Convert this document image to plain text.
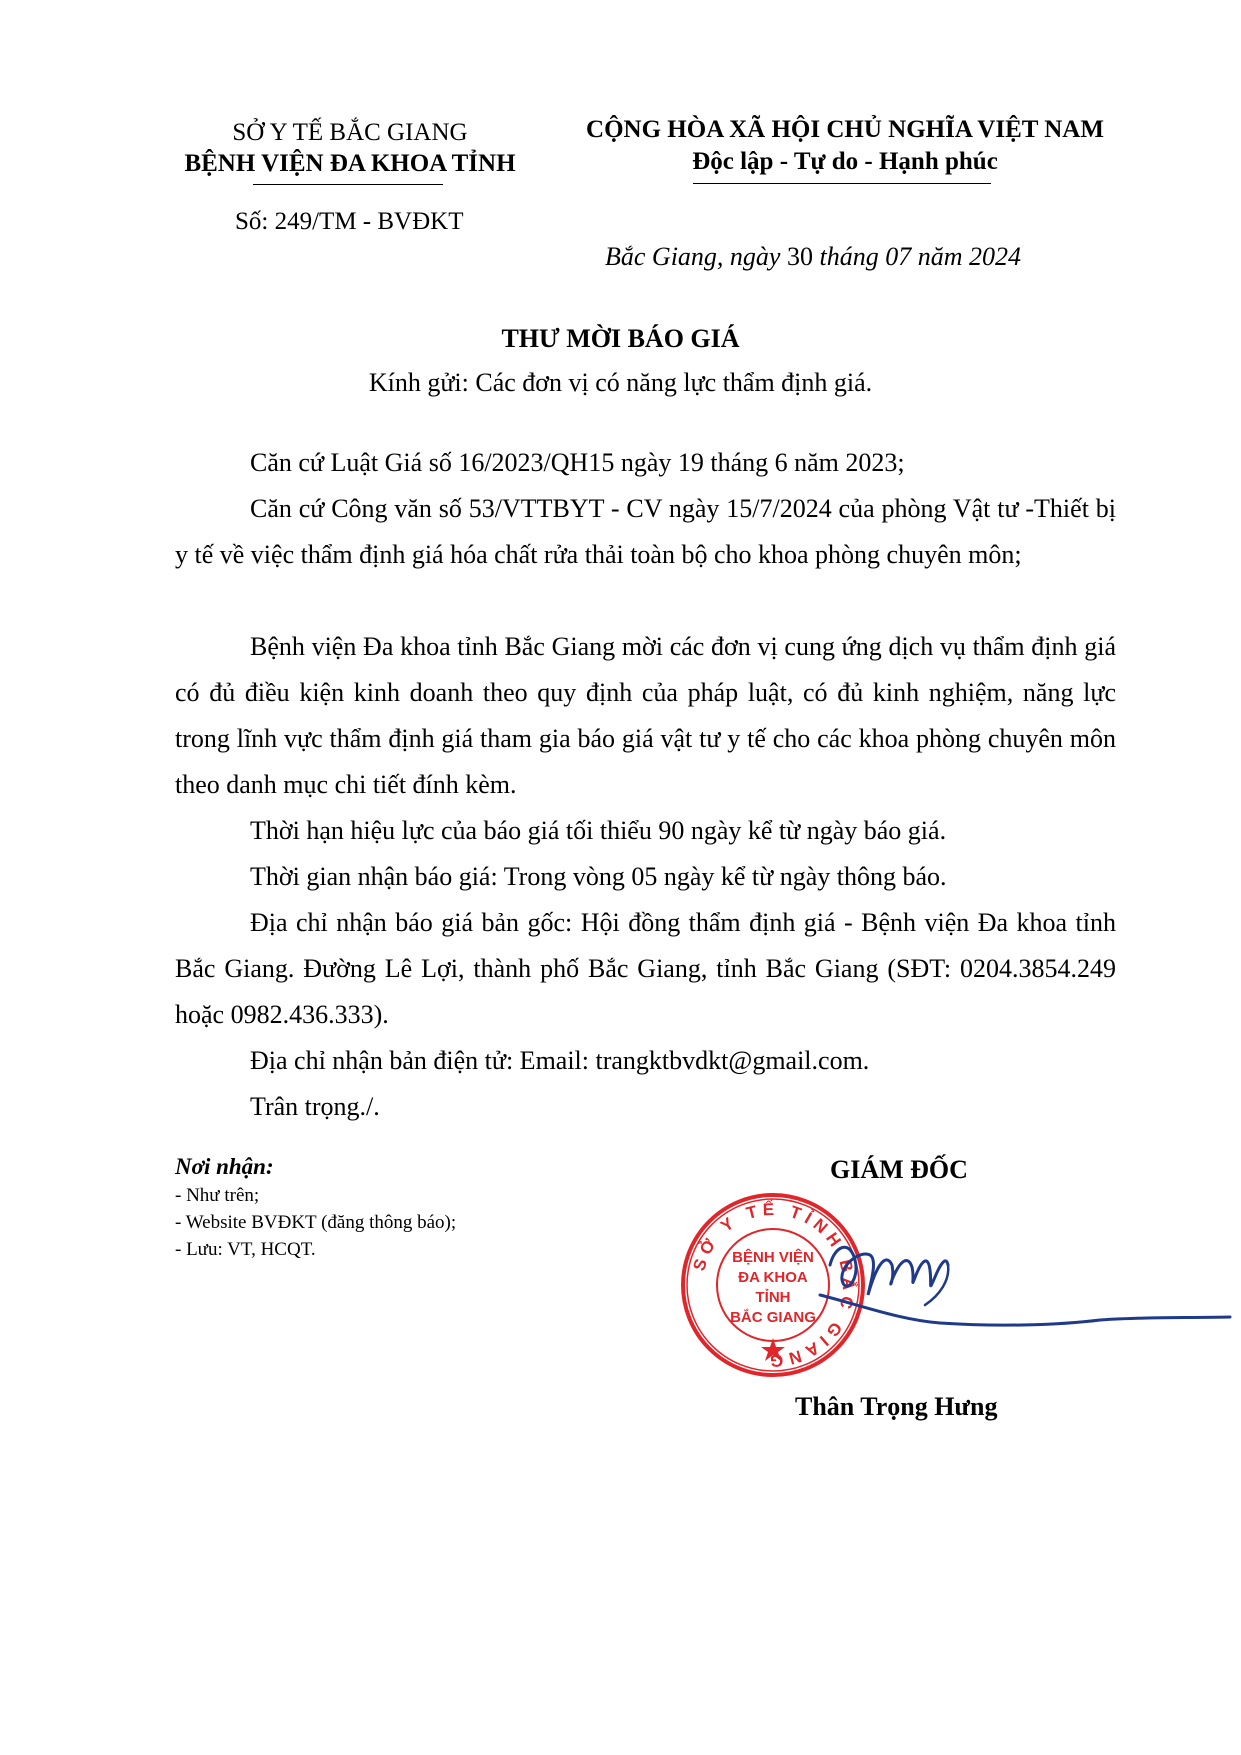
SỞ Y TẾ BẮC GIANG
BỆNH VIỆN ĐA KHOA TỈNH
Số: 249/TM - BVĐKT
CỘNG HÒA XÃ HỘI CHỦ NGHĨA VIỆT NAM
Độc lập - Tự do - Hạnh phúc
Bắc Giang, ngày 30 tháng 07 năm 2024
THƯ MỜI BÁO GIÁ
Kính gửi: Các đơn vị có năng lực thẩm định giá.

Căn cứ Luật Giá số 16/2023/QH15 ngày 19 tháng 6 năm 2023;

Căn cứ Công văn số 53/VTTBYT - CV ngày 15/7/2024 của phòng Vật tư -Thiết bị y tế về việc thẩm định giá hóa chất rửa thải toàn bộ cho khoa phòng chuyên môn;

Bệnh viện Đa khoa tỉnh Bắc Giang mời các đơn vị cung ứng dịch vụ thẩm định giá có đủ điều kiện kinh doanh theo quy định của pháp luật, có đủ kinh nghiệm, năng lực trong lĩnh vực thẩm định giá tham gia báo giá vật tư y tế cho các khoa phòng chuyên môn theo danh mục chi tiết đính kèm.

Thời hạn hiệu lực của báo giá tối thiểu 90 ngày kể từ ngày báo giá.

Thời gian nhận báo giá: Trong vòng 05 ngày kể từ ngày thông báo.

Địa chỉ nhận báo giá bản gốc: Hội đồng thẩm định giá - Bệnh viện Đa khoa tỉnh Bắc Giang. Đường Lê Lợi, thành phố Bắc Giang, tỉnh Bắc Giang (SĐT: 0204.3854.249 hoặc 0982.436.333).

Địa chỉ nhận bản điện tử: Email: trangktbvdkt@gmail.com.

Trân trọng./.

Nơi nhận:
- Như trên;
- Website BVĐKT (đăng thông báo);
- Lưu: VT, HCQT.
GIÁM ĐỐC
SỞ Y TẾ TỈNH BẮC GIANG
BỆNH VIỆN
ĐA KHOA
TỈNH
BẮC GIANG
Thân Trọng Hưng
